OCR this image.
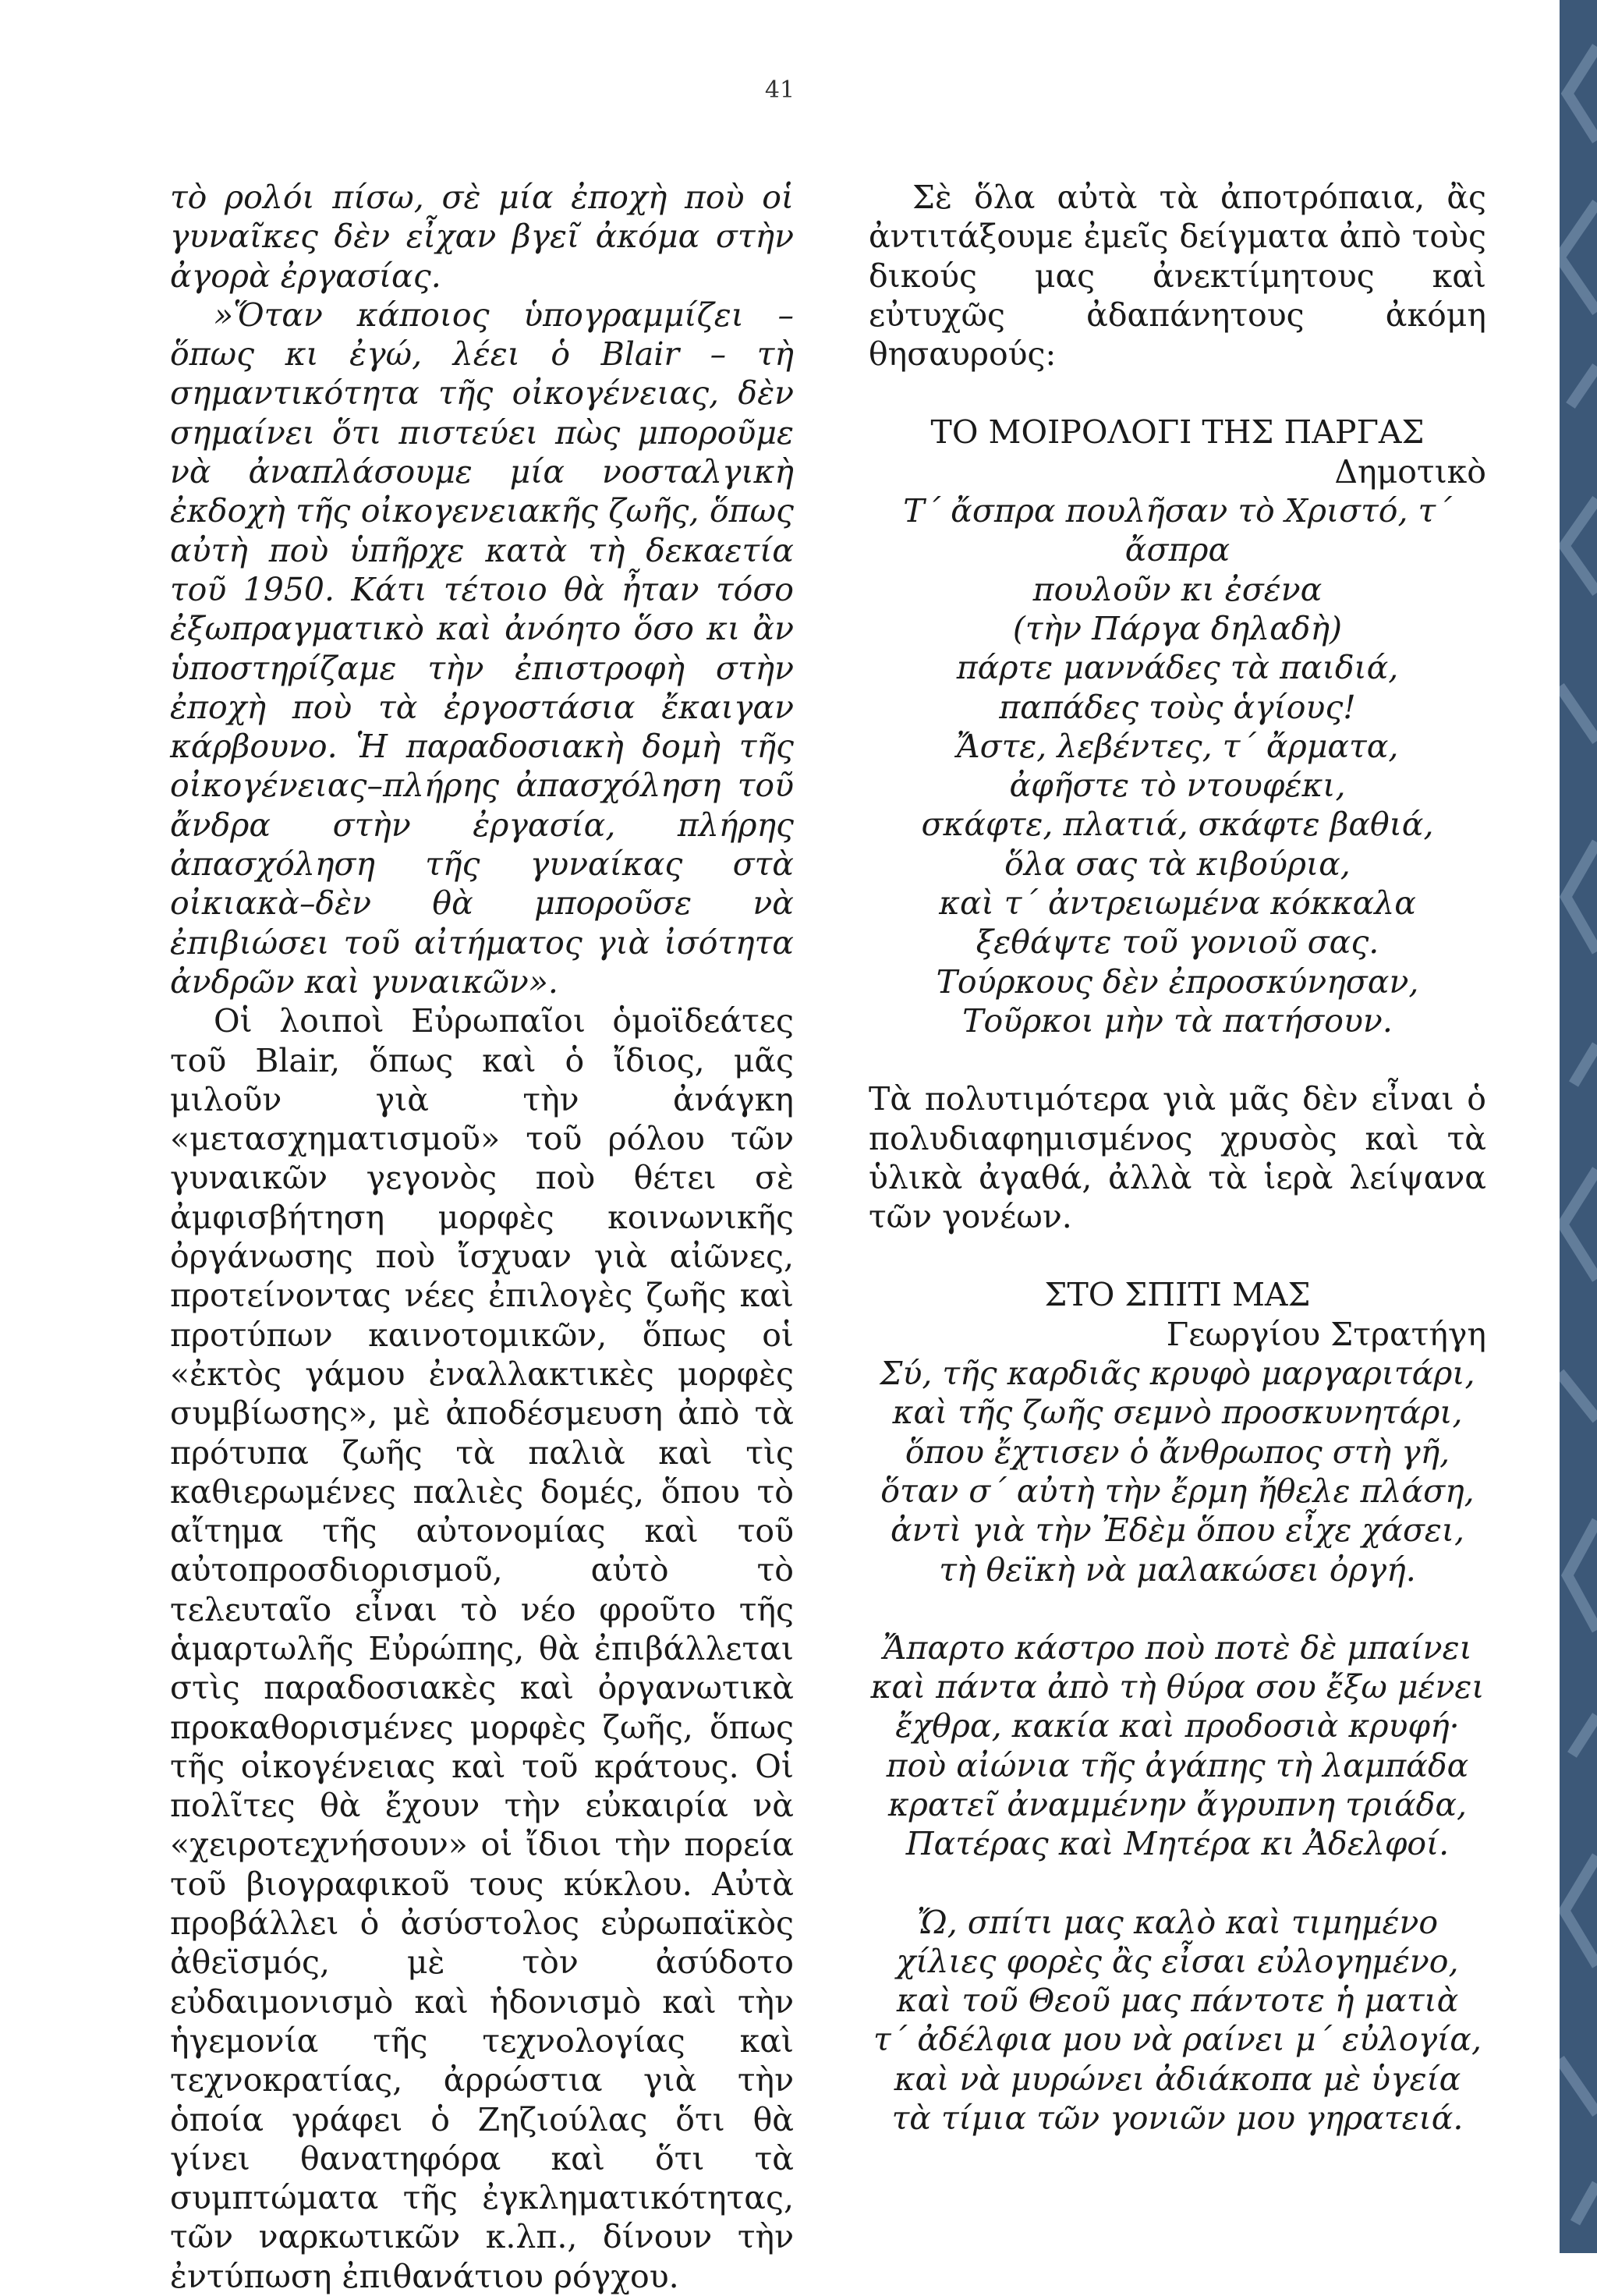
41

τὸ ρολόι πίσω, σὲ μία ἐποχὴ ποὺ οἱ γυναῖκες δὲν εἶχαν βγεῖ ἀκόμα στὴν ἀγορὰ ἐργασίας.

»Ὅταν κάποιος ὑπογραμμίζει – ὅπως κι ἐγώ, λέει ὁ Blair – τὴ σημαντικότητα τῆς οἰκογένειας, δὲν σημαίνει ὅτι πιστεύει πὼς μποροῦμε νὰ ἀναπλάσουμε μία νοσταλγικὴ ἐκδοχὴ τῆς οἰκογενειακῆς ζωῆς, ὅπως αὐτὴ ποὺ ὑπῆρχε κατὰ τὴ δεκαετία τοῦ 1950. Κάτι τέτοιο θὰ ἦταν τόσο ἐξωπραγματικὸ καὶ ἀνόητο ὅσο κι ἂν ὑποστηρίζαμε τὴν ἐπιστροφὴ στὴν ἐποχὴ ποὺ τὰ ἐργοστάσια ἔκαιγαν κάρβουνο. Ἡ παραδοσιακὴ δομὴ τῆς οἰκογένειας–πλήρης ἀπασχόληση τοῦ ἄνδρα στὴν ἐργασία, πλήρης ἀπασχόληση τῆς γυναίκας στὰ οἰκιακὰ–δὲν θὰ μποροῦσε νὰ ἐπιβιώσει τοῦ αἰτήματος γιὰ ἰσότητα ἀνδρῶν καὶ γυναικῶν».

Οἱ λοιποὶ Εὐρωπαῖοι ὁμοϊδεάτες τοῦ Blair, ὅπως καὶ ὁ ἴδιος, μᾶς μιλοῦν γιὰ τὴν ἀνάγκη «μετασχηματισμοῦ» τοῦ ρόλου τῶν γυναικῶν γεγονὸς ποὺ θέτει σὲ ἀμφισβήτηση μορφὲς κοινωνικῆς ὀργάνωσης ποὺ ἴσχυαν γιὰ αἰῶνες, προτείνοντας νέες ἐπιλογὲς ζωῆς καὶ προτύπων καινοτομικῶν, ὅπως οἱ «ἐκτὸς γάμου ἐναλλακτικὲς μορφὲς συμβίωσης», μὲ ἀποδέσμευση ἀπὸ τὰ πρότυπα ζωῆς τὰ παλιὰ καὶ τὶς καθιερωμένες παλιὲς δομές, ὅπου τὸ αἴτημα τῆς αὐτονομίας καὶ τοῦ αὐτοπροσδιορισμοῦ, αὐτὸ τὸ τελευταῖο εἶναι τὸ νέο φροῦτο τῆς ἁμαρτωλῆς Εὐρώπης, θὰ ἐπιβάλλεται στὶς παραδοσιακὲς καὶ ὀργανωτικὰ προκαθορισμένες μορφὲς ζωῆς, ὅπως τῆς οἰκογένειας καὶ τοῦ κράτους. Οἱ πολῖτες θὰ ἔχουν τὴν εὐκαιρία νὰ «χειροτεχνήσουν» οἱ ἴδιοι τὴν πορεία τοῦ βιογραφικοῦ τους κύκλου. Αὐτὰ προβάλλει ὁ ἀσύστολος εὐρωπαϊκὸς ἀθεϊσμός, μὲ τὸν ἀσύδοτο εὐδαιμονισμὸ καὶ ἡδονισμὸ καὶ τὴν ἡγεμονία τῆς τεχνολογίας καὶ τεχνοκρατίας, ἀρρώστια γιὰ τὴν ὁποία γράφει ὁ Ζηζιούλας ὅτι θὰ γίνει θανατηφόρα καὶ ὅτι τὰ συμπτώματα τῆς ἐγκληματικότητας, τῶν ναρκωτικῶν κ.λπ., δίνουν τὴν ἐντύπωση ἐπιθανάτιου ρόγχου.

Σὲ ὅλα αὐτὰ τὰ ἀποτρόπαια, ἂς ἀντιτάξουμε ἐμεῖς δείγματα ἀπὸ τοὺς δικούς μας ἀνεκτίμητους καὶ εὐτυχῶς ἀδαπάνητους ἀκόμη θησαυρούς:

ΤΟ ΜΟΙΡΟΛΟΓΙ ΤΗΣ ΠΑΡΓΑΣ
Δημοτικὸ
Τ΄ ἄσπρα πουλῆσαν τὸ Χριστό, τ΄ ἄσπρα
πουλοῦν κι ἐσένα
(τὴν Πάργα δηλαδὴ)
πάρτε μαννάδες τὰ παιδιά,
παπάδες τοὺς ἁγίους!
Ἄστε, λεβέντες, τ΄ ἄρματα,
ἀφῆστε τὸ ντουφέκι,
σκάφτε, πλατιά, σκάφτε βαθιά,
ὅλα σας τὰ κιβούρια,
καὶ τ΄ ἀντρειωμένα κόκκαλα
ξεθάψτε τοῦ γονιοῦ σας.
Τούρκους δὲν ἐπροσκύνησαν,
Τοῦρκοι μὴν τὰ πατήσουν.

Τὰ πολυτιμότερα γιὰ μᾶς δὲν εἶναι ὁ πολυδιαφημισμένος χρυσὸς καὶ τὰ ὑλικὰ ἀγαθά, ἀλλὰ τὰ ἱερὰ λείψανα τῶν γονέων.

ΣΤΟ ΣΠΙΤΙ ΜΑΣ
Γεωργίου Στρατήγη
Σύ, τῆς καρδιᾶς κρυφὸ μαργαριτάρι,
καὶ τῆς ζωῆς σεμνὸ προσκυνητάρι,
ὅπου ἔχτισεν ὁ ἄνθρωπος στὴ γῆ,
ὅταν σ΄ αὐτὴ τὴν ἔρμη ἤθελε πλάση,
ἀντὶ γιὰ τὴν Ἐδὲμ ὅπου εἶχε χάσει,
τὴ θεϊκὴ νὰ μαλακώσει ὀργή.
Ἄπαρτο κάστρο ποὺ ποτὲ δὲ μπαίνει
καὶ πάντα ἀπὸ τὴ θύρα σου ἔξω μένει
ἔχθρα, κακία καὶ προδοσιὰ κρυφή·
ποὺ αἰώνια τῆς ἀγάπης τὴ λαμπάδα
κρατεῖ ἀναμμένην ἄγρυπνη τριάδα,
Πατέρας καὶ Μητέρα κι Ἀδελφοί.
Ὤ, σπίτι μας καλὸ καὶ τιμημένο
χίλιες φορὲς ἂς εἶσαι εὐλογημένο,
καὶ τοῦ Θεοῦ μας πάντοτε ἡ ματιὰ
τ΄ ἀδέλφια μου νὰ ραίνει μ΄ εὐλογία,
καὶ νὰ μυρώνει ἀδιάκοπα μὲ ὑγεία
τὰ τίμια τῶν γονιῶν μου γηρατειά.
